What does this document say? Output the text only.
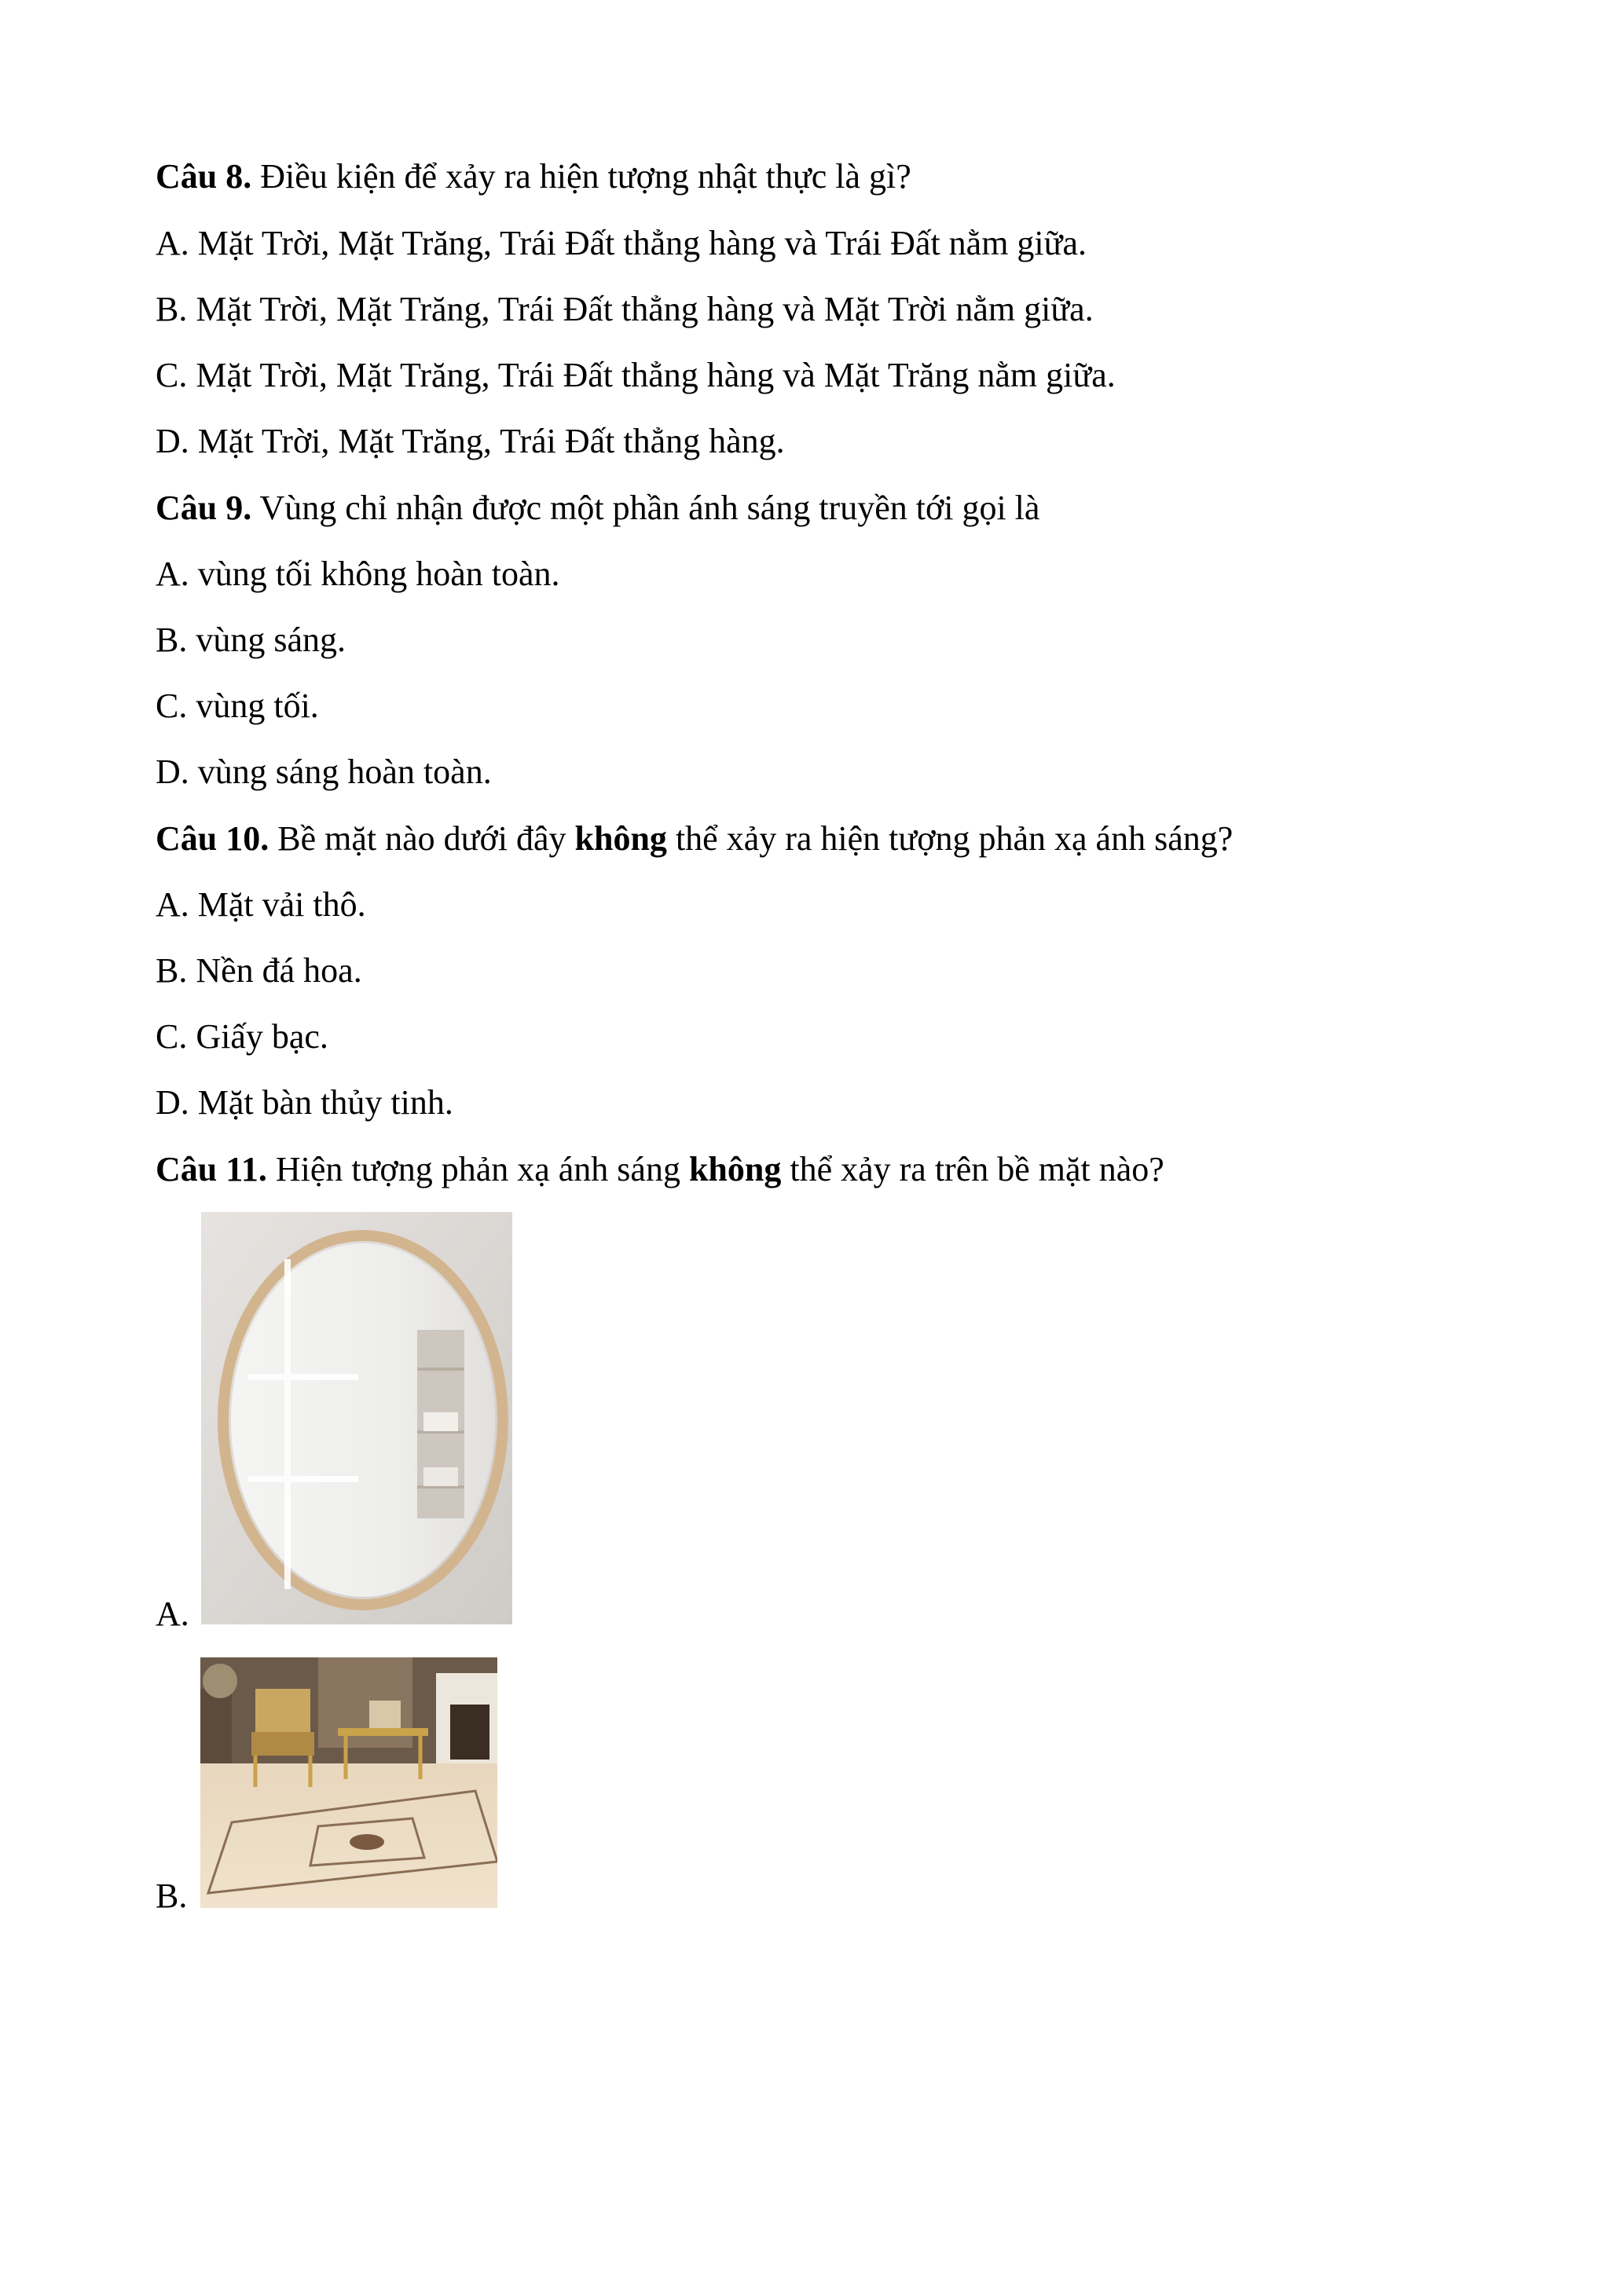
Câu 8. Điều kiện để xảy ra hiện tượng nhật thực là gì?
A. Mặt Trời, Mặt Trăng, Trái Đất thẳng hàng và Trái Đất nằm giữa.
B. Mặt Trời, Mặt Trăng, Trái Đất thẳng hàng và Mặt Trời nằm giữa.
C. Mặt Trời, Mặt Trăng, Trái Đất thẳng hàng và Mặt Trăng nằm giữa.
D. Mặt Trời, Mặt Trăng, Trái Đất thẳng hàng.
Câu 9. Vùng chỉ nhận được một phần ánh sáng truyền tới gọi là
A. vùng tối không hoàn toàn.
B. vùng sáng.
C. vùng tối.
D. vùng sáng hoàn toàn.
Câu 10. Bề mặt nào dưới đây không thể xảy ra hiện tượng phản xạ ánh sáng?
A. Mặt vải thô.
B. Nền đá hoa.
C. Giấy bạc.
D. Mặt bàn thủy tinh.
Câu 11. Hiện tượng phản xạ ánh sáng không thể xảy ra trên bề mặt nào?
A.
B.
